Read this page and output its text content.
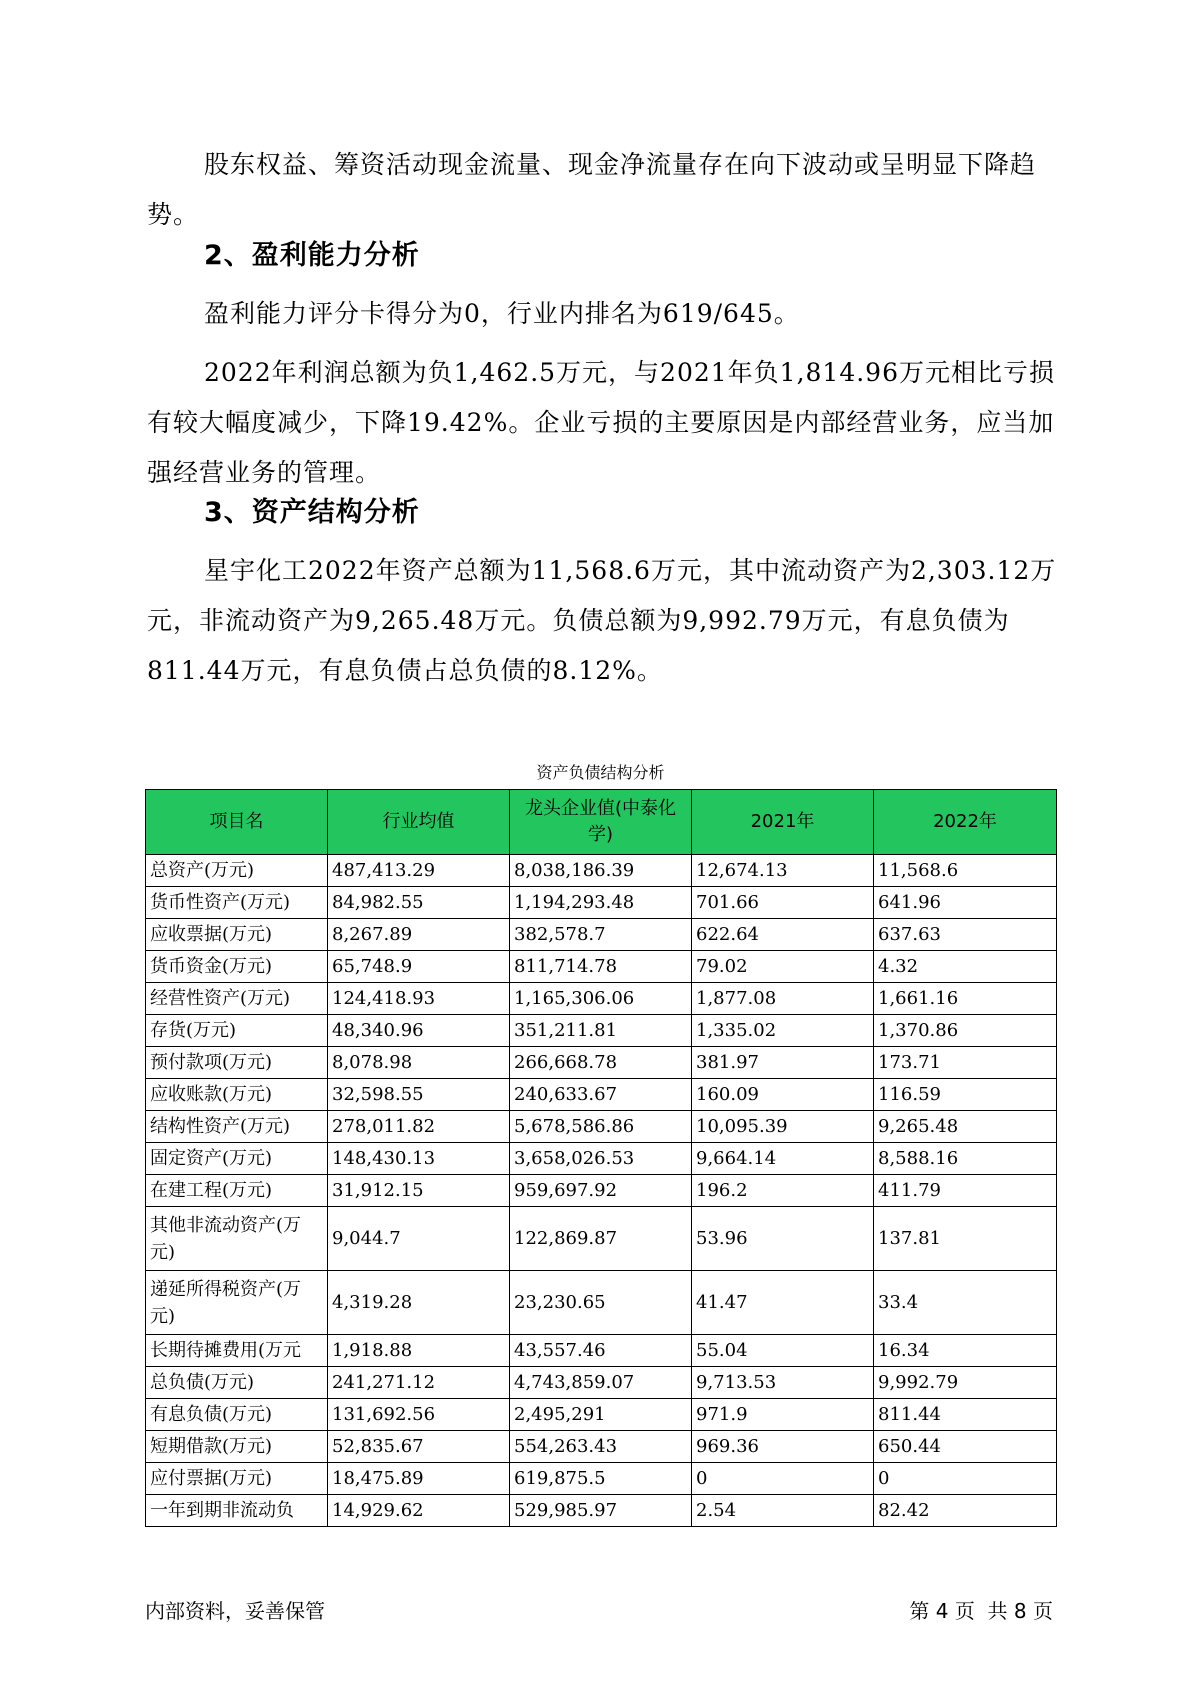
股东权益、筹资活动现金流量、现金净流量存在向下波动或呈明显下降趋势。

2、盈利能力分析

盈利能力评分卡得分为0，行业内排名为619/645。

2022年利润总额为负1,462.5万元，与2021年负1,814.96万元相比亏损有较大幅度减少，下降19.42%。企业亏损的主要原因是内部经营业务，应当加强经营业务的管理。

3、资产结构分析

星宇化工2022年资产总额为11,568.6万元，其中流动资产为2,303.12万元，非流动资产为9,265.48万元。负债总额为9,992.79万元，有息负债为811.44万元，有息负债占总负债的8.12%。

资产负债结构分析
项目名	行业均值	龙头企业值(中泰化学)	2021年	2022年
总资产(万元)	487,413.29	8,038,186.39	12,674.13	11,568.6
货币性资产(万元)	84,982.55	1,194,293.48	701.66	641.96
应收票据(万元)	8,267.89	382,578.7	622.64	637.63
货币资金(万元)	65,748.9	811,714.78	79.02	4.32
经营性资产(万元)	124,418.93	1,165,306.06	1,877.08	1,661.16
存货(万元)	48,340.96	351,211.81	1,335.02	1,370.86
预付款项(万元)	8,078.98	266,668.78	381.97	173.71
应收账款(万元)	32,598.55	240,633.67	160.09	116.59
结构性资产(万元)	278,011.82	5,678,586.86	10,095.39	9,265.48
固定资产(万元)	148,430.13	3,658,026.53	9,664.14	8,588.16
在建工程(万元)	31,912.15	959,697.92	196.2	411.79
其他非流动资产(万元)	9,044.7	122,869.87	53.96	137.81
递延所得税资产(万元)	4,319.28	23,230.65	41.47	33.4
长期待摊费用(万元	1,918.88	43,557.46	55.04	16.34
总负债(万元)	241,271.12	4,743,859.07	9,713.53	9,992.79
有息负债(万元)	131,692.56	2,495,291	971.9	811.44
短期借款(万元)	52,835.67	554,263.43	969.36	650.44
应付票据(万元)	18,475.89	619,875.5	0	0
一年到期非流动负	14,929.62	529,985.97	2.54	82.42
内部资料，妥善保管	第 4 页  共 8 页
